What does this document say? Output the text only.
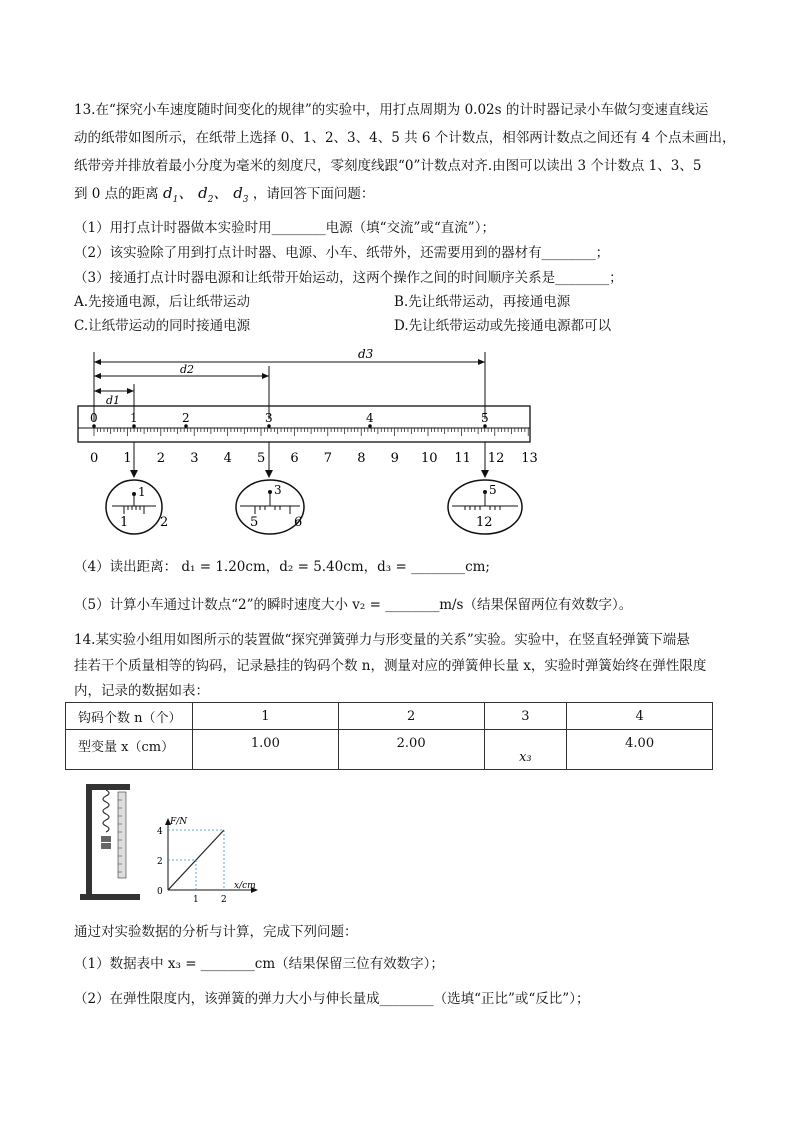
13.在“探究小车速度随时间变化的规律”的实验中，用打点周期为 0.02s 的计时器记录小车做匀变速直线运
动的纸带如图所示，在纸带上选择 0、1、2、3、4、5 共 6 个计数点，相邻两计数点之间还有 4 个点未画出，
纸带旁并排放着最小分度为毫米的刻度尺，零刻度线跟“0”计数点对齐.由图可以读出 3 个计数点 1、3、5
到 0 点的距离 $d_1$、 $d_2$、 $d_3$ ，请回答下面问题：
（1）用打点计时器做本实验时用________电源（填“交流”或“直流”）；
（2）该实验除了用到打点计时器、电源、小车、纸带外，还需要用到的器材有________；
（3）接通打点计时器电源和让纸带开始运动，这两个操作之间的时间顺序关系是________；
A.先接通电源，后让纸带运动	B.先让纸带运动，再接通电源
C.让纸带运动的同时接通电源	D.先让纸带运动或先接通电源都可以
d3
d2
d1
0	1	2	3	4	5
0 1 2 3 4 5 6 7 8 9 10 11 12 13
1
1 2
3
5	6
5
12
（4）读出距离： d₁ = 1.20cm，d₂ = 5.40cm，d₃ = ________cm;
（5）计算小车通过计数点“2”的瞬时速度大小 v₂ = ________m/s（结果保留两位有效数字）。
14.某实验小组用如图所示的装置做“探究弹簧弹力与形变量的关系”实验。实验中，在竖直轻弹簧下端悬
挂若干个质量相等的钩码，记录悬挂的钩码个数 n，测量对应的弹簧伸长量 x，实验时弹簧始终在弹性限度
内，记录的数据如表：
钩码个数 n（个）	1	2	3	4
型变量 x（cm）	1.00	2.00	x₃	4.00
F/N
4
2
0
1 2
x/cm
通过对实验数据的分析与计算，完成下列问题：
（1）数据表中 x₃ = ________cm（结果保留三位有效数字）；
（2）在弹性限度内，该弹簧的弹力大小与伸长量成________（选填“正比”或“反比”）；
